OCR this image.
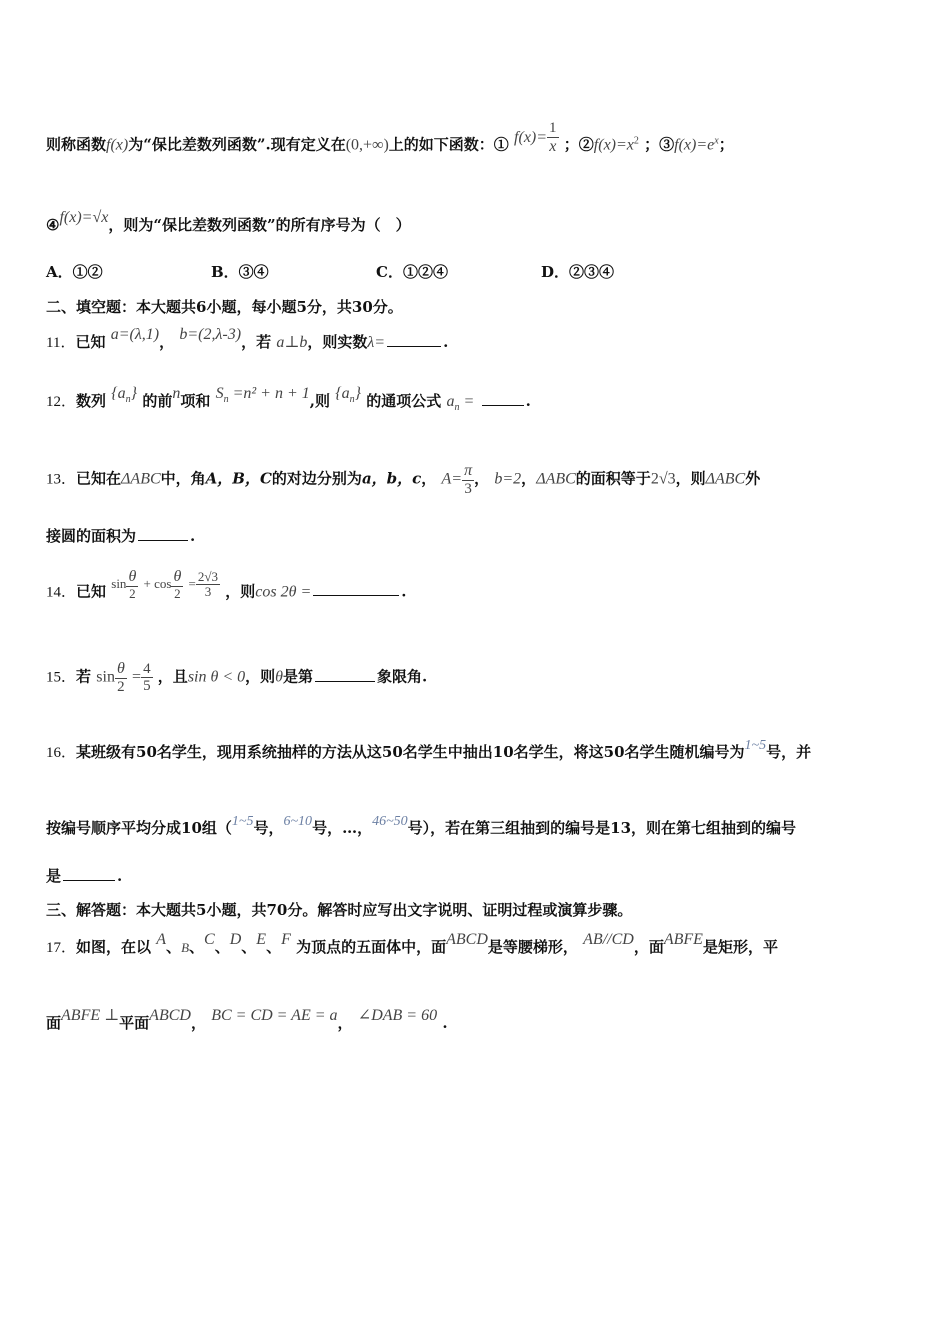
则称函数f(x)为“保比差数列函数”.现有定义在(0,+∞)上的如下函数：① $f(x)= \frac{1}{x}$ ；$②f(x)=x^2$ ；$③f(x)=e^x$；
④f(x)=√x，则为“保比差数列函数”的所有序号为（　）
A．①②	B．③④	C．①②④	D．②③④
二、填空题：本大题共6小题，每小题5分，共30分。
11．已知 a=(λ,1)， b=(2,λ-3)，若 a⊥b，则实数λ=	.
12．数列 $\{a_n\}$ 的前n项和 $S_n =n^2 + n + 1$,则 $\{a_n\}$ 的通项公式 $a_n$ =	.
13．已知在ΔABC中，角A，B，C的对边分别为a，b，c， $A= \frac{\pi}{3}$ ， b=2，ΔABC的面积等于2√3，则ΔABC外
接圆的面积为	.
14．已知 $\sin \frac{\theta}{2} + \cos \frac{\theta}{2} = \frac{2√3}{3}$ ，则cos 2θ =	.
15．若 $\sin \frac{\theta}{2} = \frac{4}{5}$ ，且sin θ < 0，则θ是第	象限角.
16．某班级有50名学生，现用系统抽样的方法从这50名学生中抽出10名学生，将这50名学生随机编号为1~5号，并
按编号顺序平均分成10组（1~5号，6~10号，…，46~50号），若在第三组抽到的编号是13，则在第七组抽到的编号
是	.
三、解答题：本大题共5小题，共70分。解答时应写出文字说明、证明过程或演算步骤。
17．如图，在以 A、B、C、D、E、F 为顶点的五面体中，面ABCD是等腰梯形， AB//CD，面ABFE是矩形，平
面ABFE ⊥平面ABCD， BC = CD = AE = a， ∠DAB = 60 .
